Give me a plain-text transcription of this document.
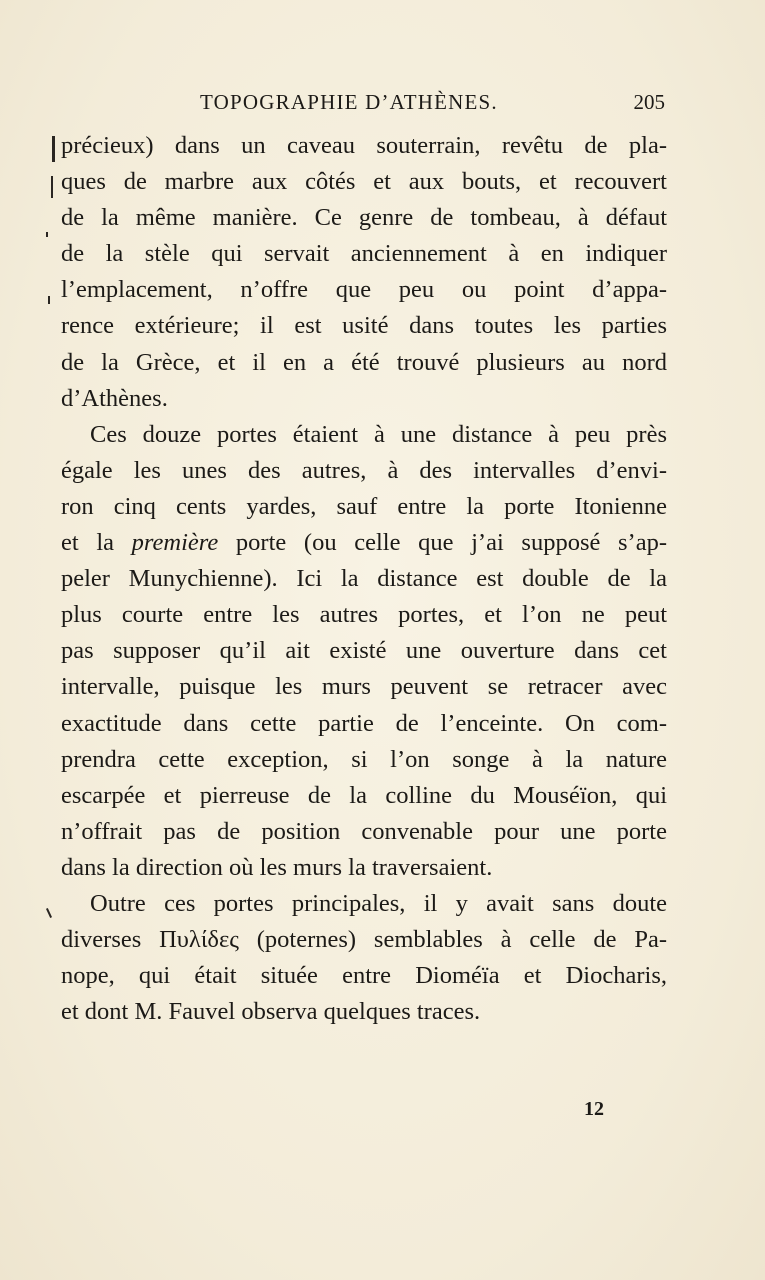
TOPOGRAPHIE D’ATHÈNES.	205
précieux) dans un caveau souterrain, revêtu de pla-
ques de marbre aux côtés et aux bouts, et recouvert
de la même manière. Ce genre de tombeau, à défaut
de la stèle qui servait anciennement à en indiquer
l’emplacement, n’offre que peu ou point d’appa-
rence extérieure; il est usité dans toutes les parties
de la Grèce, et il en a été trouvé plusieurs au nord
d’Athènes.
Ces douze portes étaient à une distance à peu près
égale les unes des autres, à des intervalles d’envi-
ron cinq cents yardes, sauf entre la porte Itonienne
et la première porte (ou celle que j’ai supposé s’ap-
peler Munychienne). Ici la distance est double de la
plus courte entre les autres portes, et l’on ne peut
pas supposer qu’il ait existé une ouverture dans cet
intervalle, puisque les murs peuvent se retracer avec
exactitude dans cette partie de l’enceinte. On com-
prendra cette exception, si l’on songe à la nature
escarpée et pierreuse de la colline du Mouséïon, qui
n’offrait pas de position convenable pour une porte
dans la direction où les murs la traversaient.
Outre ces portes principales, il y avait sans doute
diverses Πυλίδες (poternes) semblables à celle de Pa-
nope, qui était située entre Dioméïa et Diocharis,
et dont M. Fauvel observa quelques traces.
12
